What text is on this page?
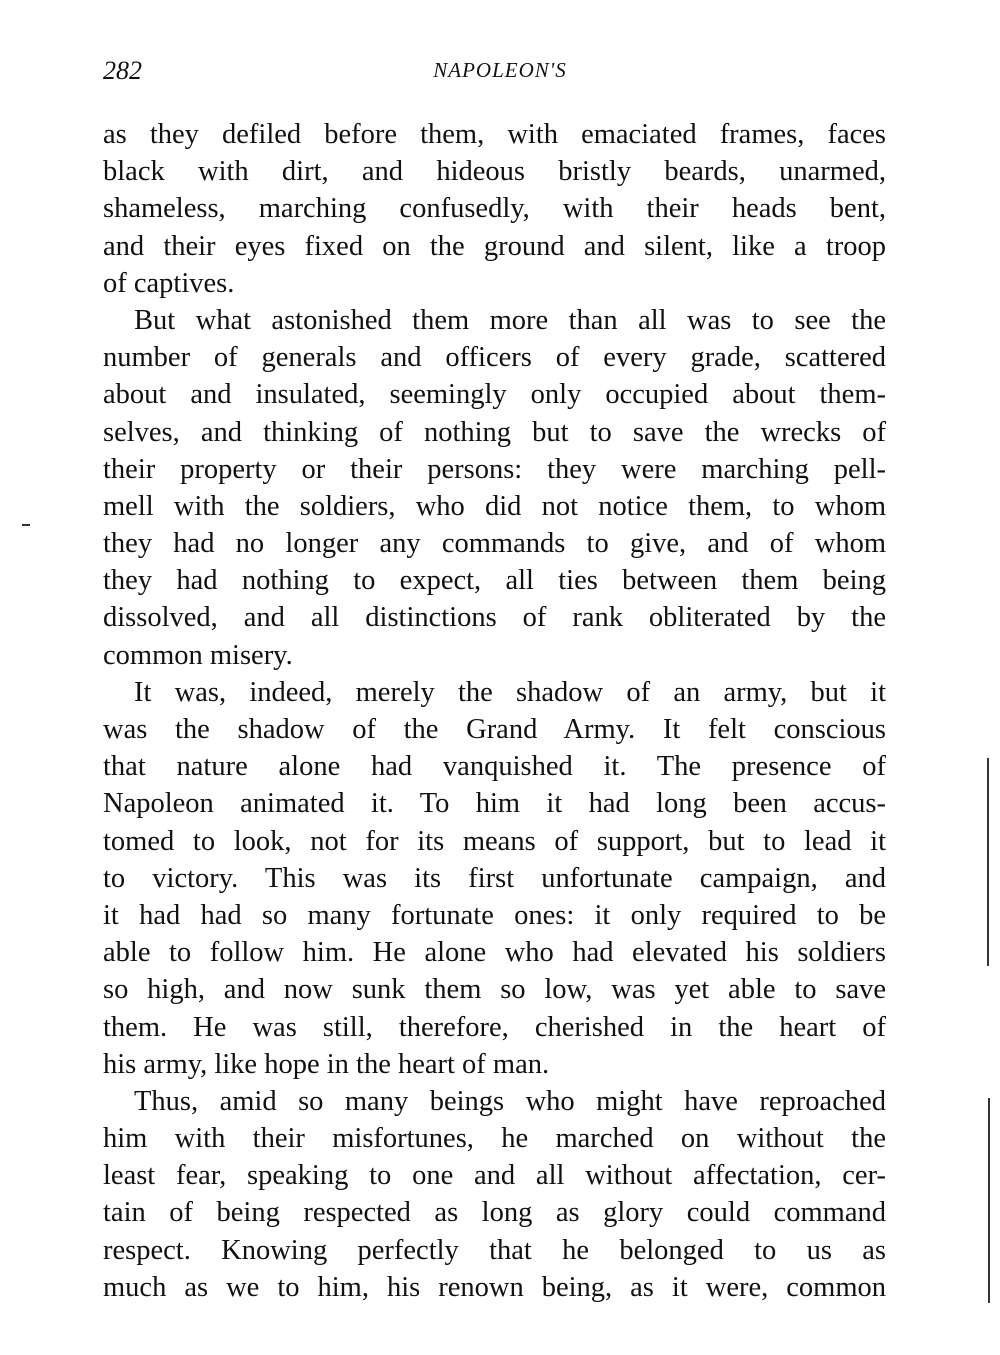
282	NAPOLEON'S
as they defiled before them, with emaciated frames, faces
black with dirt, and hideous bristly beards, unarmed,
shameless, marching confusedly, with their heads bent,
and their eyes fixed on the ground and silent, like a troop
of captives.
But what astonished them more than all was to see the
number of generals and officers of every grade, scattered
about and insulated, seemingly only occupied about them-
selves, and thinking of nothing but to save the wrecks of
their property or their persons: they were marching pell-
mell with the soldiers, who did not notice them, to whom
they had no longer any commands to give, and of whom
they had nothing to expect, all ties between them being
dissolved, and all distinctions of rank obliterated by the
common misery.
It was, indeed, merely the shadow of an army, but it
was the shadow of the Grand Army. It felt conscious
that nature alone had vanquished it. The presence of
Napoleon animated it. To him it had long been accus-
tomed to look, not for its means of support, but to lead it
to victory. This was its first unfortunate campaign, and
it had had so many fortunate ones: it only required to be
able to follow him. He alone who had elevated his soldiers
so high, and now sunk them so low, was yet able to save
them. He was still, therefore, cherished in the heart of
his army, like hope in the heart of man.
Thus, amid so many beings who might have reproached
him with their misfortunes, he marched on without the
least fear, speaking to one and all without affectation, cer-
tain of being respected as long as glory could command
respect. Knowing perfectly that he belonged to us as
much as we to him, his renown being, as it were, common
